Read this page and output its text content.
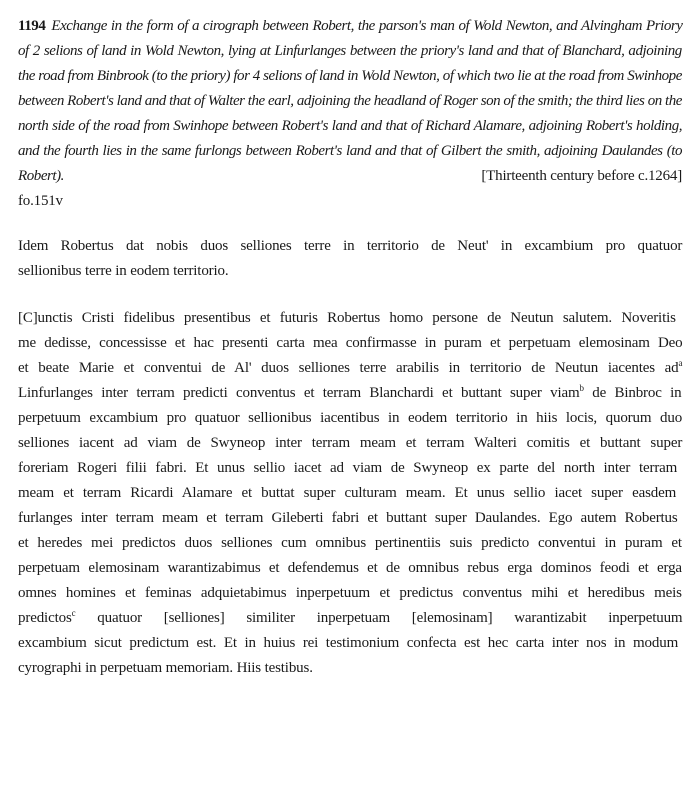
1194 Exchange in the form of a cirograph between Robert, the parson's man of Wold Newton, and Alvingham Priory
of 2 selions of land in Wold Newton, lying at Linfurlanges between the priory's land and that of Blanchard, adjoining
the road from Binbrook (to the priory) for 4 selions of land in Wold Newton, of which two lie at the road from Swinhope
between Robert's land and that of Walter the earl, adjoining the headland of Roger son of the smith; the third lies on the
north side of the road from Swinhope between Robert's land and that of Richard Alamare, adjoining Robert's holding,
and the fourth lies in the same furlongs between Robert's land and that of Gilbert the smith, adjoining Daulandes (to
Robert).	[Thirteenth century before c.1264]
fo.151v
Idem Robertus dat nobis duos selliones terre in territorio de Neut' in excambium pro quatuor
sellionibus terre in eodem territorio.
[C]unctis Cristi fidelibus presentibus et futuris Robertus homo persone de Neutun salutem. Noveritis
me dedisse, concessisse et hac presenti carta mea confirmasse in puram et perpetuam elemosinam Deo
et beate Marie et conventui de Al' duos selliones terre arabilis in territorio de Neutun iacentes $ad^a$
Linfurlanges inter terram predicti conventus et terram Blanchardi et buttant super viam$^b$ de Binbroc in
perpetuum excambium pro quatuor sellionibus iacentibus in eodem territorio in hiis locis, quorum duo
selliones iacent ad viam de Swyneop inter terram meam et terram Walteri comitis et buttant super
foreriam Rogeri filii fabri. Et unus sellio iacet ad viam de Swyneop ex parte del north inter terram
meam et terram Ricardi Alamare et buttat super culturam meam. Et unus sellio iacet super easdem
furlanges inter terram meam et terram Gileberti fabri et buttant super Daulandes. Ego autem Robertus
et heredes mei predictos duos selliones cum omnibus pertinentiis suis predicto conventui in puram et
perpetuam elemosinam warantizabimus et defendemus et de omnibus rebus erga dominos feodi et erga
omnes homines et feminas adquietabimus inperpetuum et predictus conventus mihi et heredibus meis
predictos$^c$ quatuor [selliones] similiter inperpetuam [elemosinam] warantizabit inperpetuum
excambium sicut predictum est. Et in huius rei testimonium confecta est hec carta inter nos in modum
cyrographi in perpetuam memoriam. Hiis testibus.
